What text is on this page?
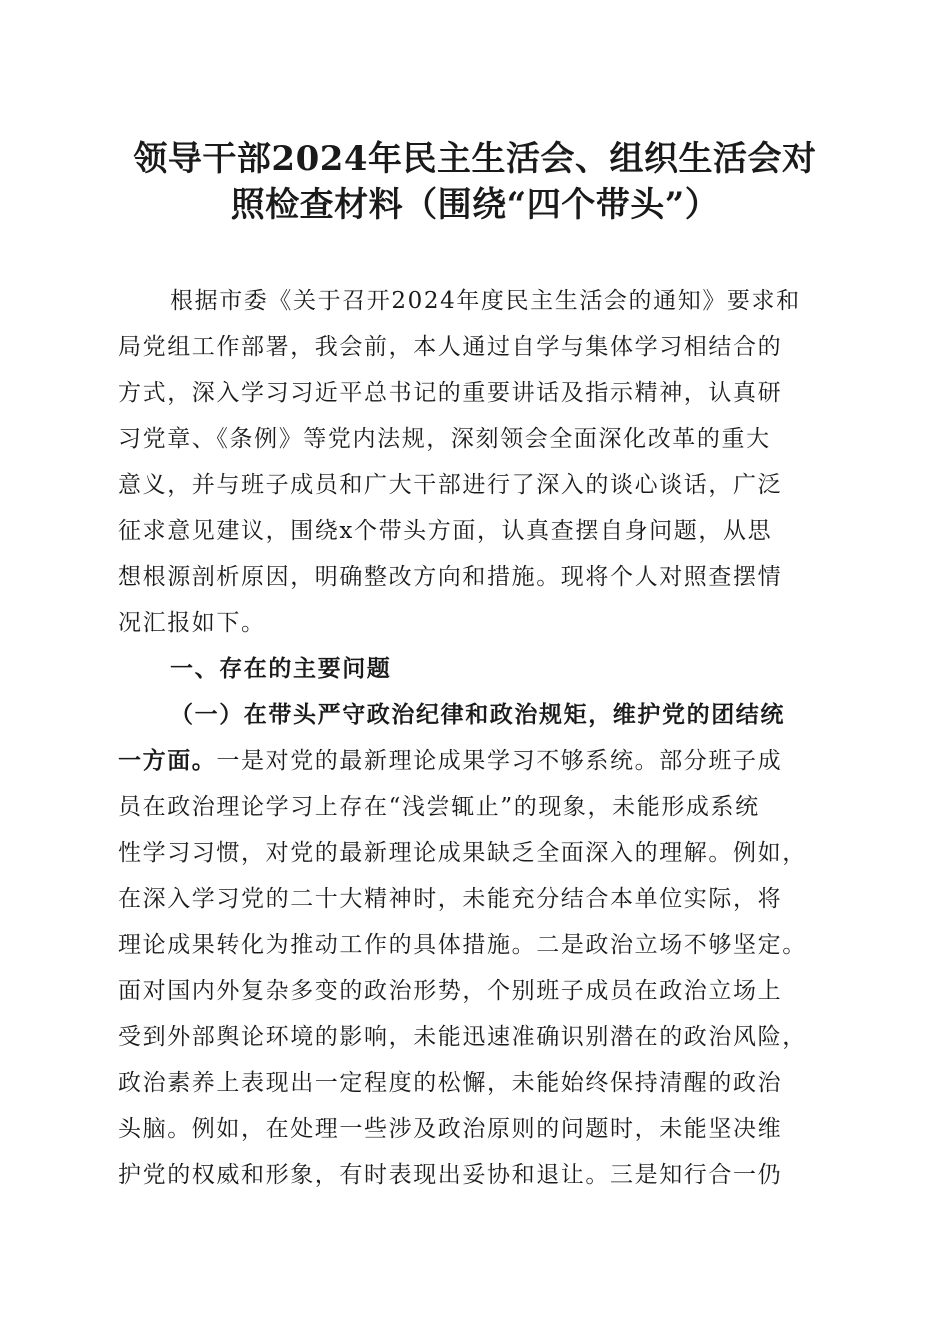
领导干部2024年民主生活会、组织生活会对
照检查材料（围绕“四个带头”）
根据市委《关于召开2024年度民主生活会的通知》要求和
局党组工作部署，我会前，本人通过自学与集体学习相结合的
方式，深入学习习近平总书记的重要讲话及指示精神，认真研
习党章、《条例》等党内法规，深刻领会全面深化改革的重大
意义，并与班子成员和广大干部进行了深入的谈心谈话，广泛
征求意见建议，围绕x个带头方面，认真查摆自身问题，从思
想根源剖析原因，明确整改方向和措施。现将个人对照查摆情
况汇报如下。
一、存在的主要问题
（一）在带头严守政治纪律和政治规矩，维护党的团结统
一方面。一是对党的最新理论成果学习不够系统。部分班子成
员在政治理论学习上存在“浅尝辄止”的现象，未能形成系统
性学习习惯，对党的最新理论成果缺乏全面深入的理解。例如，
在深入学习党的二十大精神时，未能充分结合本单位实际，将
理论成果转化为推动工作的具体措施。二是政治立场不够坚定。
面对国内外复杂多变的政治形势，个别班子成员在政治立场上
受到外部舆论环境的影响，未能迅速准确识别潜在的政治风险，
政治素养上表现出一定程度的松懈，未能始终保持清醒的政治
头脑。例如，在处理一些涉及政治原则的问题时，未能坚决维
护党的权威和形象，有时表现出妥协和退让。三是知行合一仍
